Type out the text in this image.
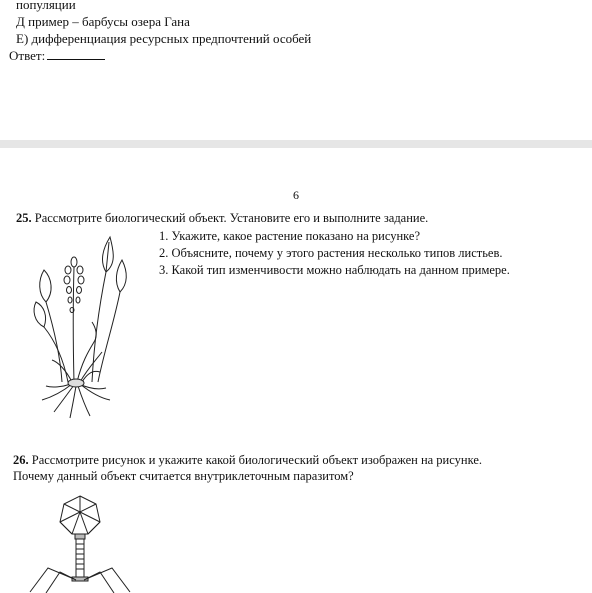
популяции
Д пример – барбусы озера Гана
Е) дифференциация ресурсных предпочтений особей
Ответ:
6
25. Рассмотрите биологический объект. Установите его и выполните задание.
1. Укажите, какое растение показано на рисунке?
2. Объясните, почему у этого растения несколько типов листьев.
3. Какой тип изменчивости можно наблюдать на данном примере.
26. Рассмотрите рисунок и укажите какой биологический объект изображен на рисунке.
Почему данный объект считается внутриклеточным паразитом?
